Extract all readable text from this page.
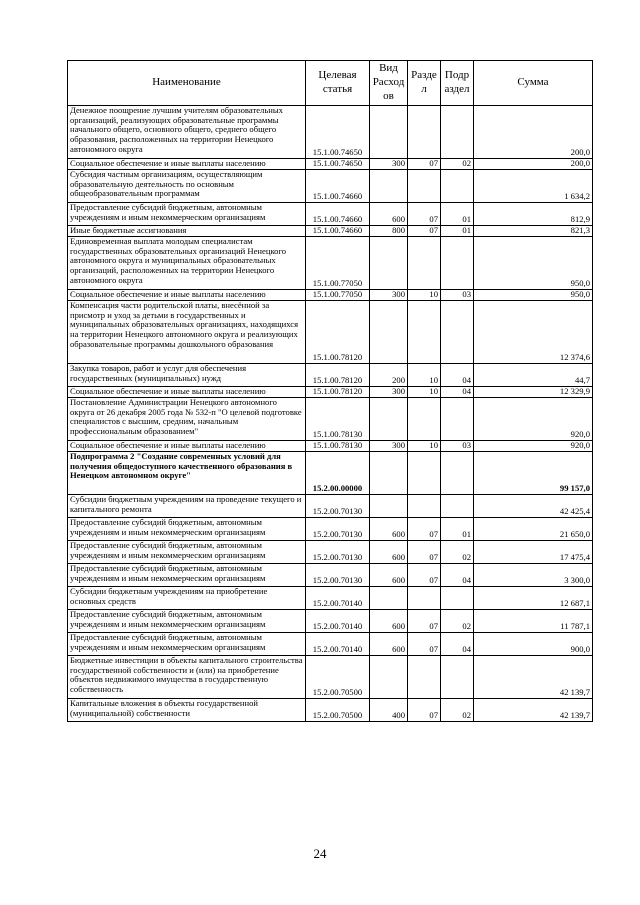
Наименование	Целевая статья	Вид Расход ов	Разде л	Подр аздел	Сумма
Денежное поощрение лучшим учителям образовательных организаций, реализующих образовательные программы начального общего, основного общего, среднего общего образования, расположенных на территории Ненецкого автономного округа	15.1.00.74650				200,0
Социальное обеспечение и иные выплаты населению	15.1.00.74650	300	07	02	200,0
Субсидия частным организациям, осуществляющим образовательную деятельность по основным общеобразовательным программам	15.1.00.74660				1 634,2
Предоставление субсидий бюджетным, автономным учреждениям и иным некоммерческим организациям	15.1.00.74660	600	07	01	812,9
Иные бюджетные ассигнования	15.1.00.74660	800	07	01	821,3
Единовременная выплата молодым специалистам государственных образовательных организаций Ненецкого автономного округа и муниципальных образовательных организаций, расположенных на территории Ненецкого автономного округа	15.1.00.77050				950,0
Социальное обеспечение и иные выплаты населению	15.1.00.77050	300	10	03	950,0
Компенсация части родительской платы, внесённой за присмотр и уход за детьми в государственных и муниципальных образовательных организациях, находящихся на территории Ненецкого автономного округа и реализующих образовательные программы дошкольного образования	15.1.00.78120				12 374,6
Закупка товаров, работ и услуг для обеспечения государственных (муниципальных) нужд	15.1.00.78120	200	10	04	44,7
Социальное обеспечение и иные выплаты населению	15.1.00.78120	300	10	04	12 329,9
Постановление Администрации Ненецкого автономного округа от 26 декабря 2005 года № 532-п "О целевой подготовке специалистов с высшим, средним, начальным профессиональным образованием"	15.1.00.78130				920,0
Социальное обеспечение и иные выплаты населению	15.1.00.78130	300	10	03	920,0
Подпрограмма 2 "Создание современных условий для получения общедоступного качественного образования в Ненецком автономном округе"	15.2.00.00000				99 157,0
Субсидии бюджетным учреждениям на проведение текущего и капитального ремонта	15.2.00.70130				42 425,4
Предоставление субсидий бюджетным, автономным учреждениям и иным некоммерческим организациям	15.2.00.70130	600	07	01	21 650,0
Предоставление субсидий бюджетным, автономным учреждениям и иным некоммерческим организациям	15.2.00.70130	600	07	02	17 475,4
Предоставление субсидий бюджетным, автономным учреждениям и иным некоммерческим организациям	15.2.00.70130	600	07	04	3 300,0
Субсидии бюджетным учреждениям на приобретение основных средств	15.2.00.70140				12 687,1
Предоставление субсидий бюджетным, автономным учреждениям и иным некоммерческим организациям	15.2.00.70140	600	07	02	11 787,1
Предоставление субсидий бюджетным, автономным учреждениям и иным некоммерческим организациям	15.2.00.70140	600	07	04	900,0
Бюджетные инвестиции в объекты капитального строительства государственной собственности и (или) на приобретение объектов недвижимого имущества в государственную собственность	15.2.00.70500				42 139,7
Капитальные вложения в объекты государственной (муниципальной) собственности	15.2.00.70500	400	07	02	42 139,7
24
